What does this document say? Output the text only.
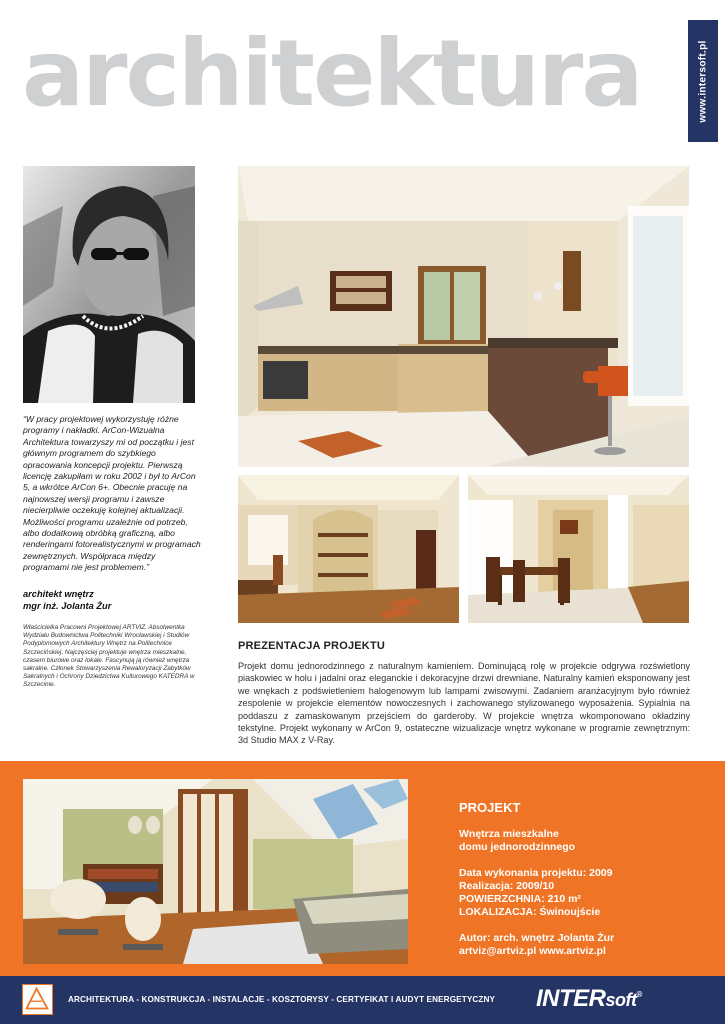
architektura	www.intersoft.pl
“W pracy projektowej wykorzystuję różne programy i nakładki. ArCon-Wizualna Architektura towarzyszy mi od początku i jest głównym programem do szybkiego opracowania koncepcji projektu. Pierwszą licencję zakupiłam w roku 2002 i był to ArCon 5, a wkrótce ArCon 6+. Obecnie pracuję na najnowszej wersji programu i zawsze niecierpliwie oczekuję kolejnej aktualizacji. Możliwości programu uzależnie od potrzeb, albo dodatkową obróbką graficzną, albo renderingami fotorealistycznymi w programach zewnętrznych. Współpraca między programami nie jest problemem.”
architekt wnętrz
mgr inż. Jolanta Żur
Właścicielka Pracowni Projektowej ARTVIZ. Absolwentka Wydziału Budownictwa Politechniki Wrocławskiej i Studiów Podyplomowych Architektury Wnętrz na Politechnice Szczecińskiej. Najczęściej projektuje wnętrza mieszkalne, czasem biurowe oraz lokale. Fascynują ją również wnętrza sakralne. Członek Stowarzyszenia Rewaloryzacji Zabytków Sakralnych i Ochrony Dziedzictwa Kulturowego KATEDRA w Szczecinie.
PREZENTACJA PROJEKTU
Projekt domu jednorodzinnego z naturalnym kamieniem. Dominującą rolę w projekcie odgrywa rozświetlony piaskowiec w holu i jadalni oraz eleganckie i dekoracyjne drzwi drewniane. Naturalny kamień eksponowany jest we wnękach z podświetleniem halogenowym lub lampami zwisowymi. Zadaniem aranżacyjnym było również zespolenie w projekcie elementów nowoczesnych i zachowanego stylizowanego wyposażenia. Sypialnia na poddaszu z zamaskowanym przejściem do garderoby. W projekcie wnętrza wkomponowano okładziny tekstylne. Projekt wykonany w ArCon 9, ostateczne wizualizacje wnętrz wykonane w programie zewnętrznym: 3d Studio MAX z V-Ray.
PROJEKT
Wnętrza mieszkalne
domu jednorodzinnego
Data wykonania projektu: 2009
Realizacja: 2009/10
POWIERZCHNIA: 210 m²
LOKALIZACJA: Świnoujście
Autor: arch. wnętrz Jolanta Żur
artviz@artviz.pl www.artviz.pl
ARCHITEKTURA - KONSTRUKCJA - INSTALACJE - KOSZTORYSY - CERTYFIKAT I AUDYT ENERGETYCZNY INTERsoft®
